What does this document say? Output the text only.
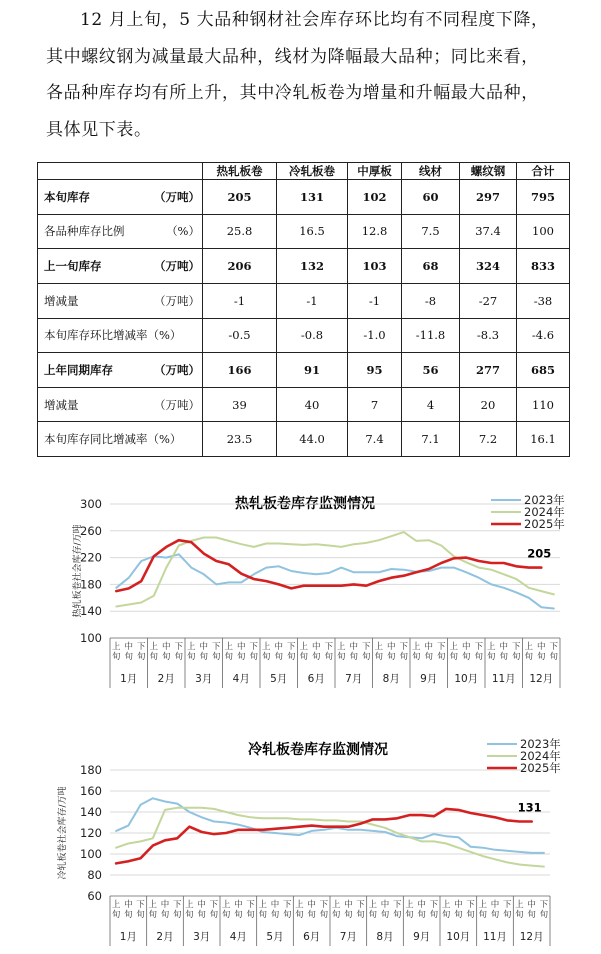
12 月上旬，5 大品种钢材社会库存环比均有不同程度下降，

其中螺纹钢为减量最大品种，线材为降幅最大品种；同比来看，

各品种库存均有所上升，其中冷轧板卷为增量和升幅最大品种，

具体见下表。

	热轧板卷	冷轧板卷	中厚板	线材	螺纹钢	合计

本旬库存 （万吨）	205	131	102	60	297	795

各品种库存比例 （%）	25.8	16.5	12.8	7.5	37.4	100

上一旬库存 （万吨）	206	132	103	68	324	833

增减量 （万吨）	-1	-1	-1	-8	-27	-38

本旬库存环比增减率（%）	-0.5	-0.8	-1.0	-11.8	-8.3	-4.6

上年同期库存 （万吨）	166	91	95	56	277	685

增减量 （万吨）	39	40	7	4	20	110

本旬库存同比增减率（%）	23.5	44.0	7.4	7.1	7.2	16.1
热轧板卷库存监测情况
100
140
180
220
260
300
热轧板卷社会库存/万吨
上旬
中旬
下旬
上旬
中旬
下旬
上旬
中旬
下旬
上旬
中旬
下旬
上旬
中旬
下旬
上旬
中旬
下旬
上旬
中旬
下旬
上旬
中旬
下旬
上旬
中旬
下旬
上旬
中旬
下旬
上旬
中旬
下旬
上旬
中旬
下旬
1月 2月 3月 4月 5月 6月 7月 8月 9月 10月 11月 12月
2023年
2024年
2025年
205
冷轧板卷库存监测情况
60
80
100
120
140
160
180
冷轧板卷社会库存/万吨
上旬
中旬
下旬
上旬
中旬
下旬
上旬
中旬
下旬
上旬
中旬
下旬
上旬
中旬
下旬
上旬
中旬
下旬
上旬
中旬
下旬
上旬
中旬
下旬
上旬
中旬
下旬
上旬
中旬
下旬
上旬
中旬
下旬
上旬
中旬
下旬
1月 2月 3月 4月 5月 6月 7月 8月 9月 10月 11月 12月
2023年
2024年
2025年
131
